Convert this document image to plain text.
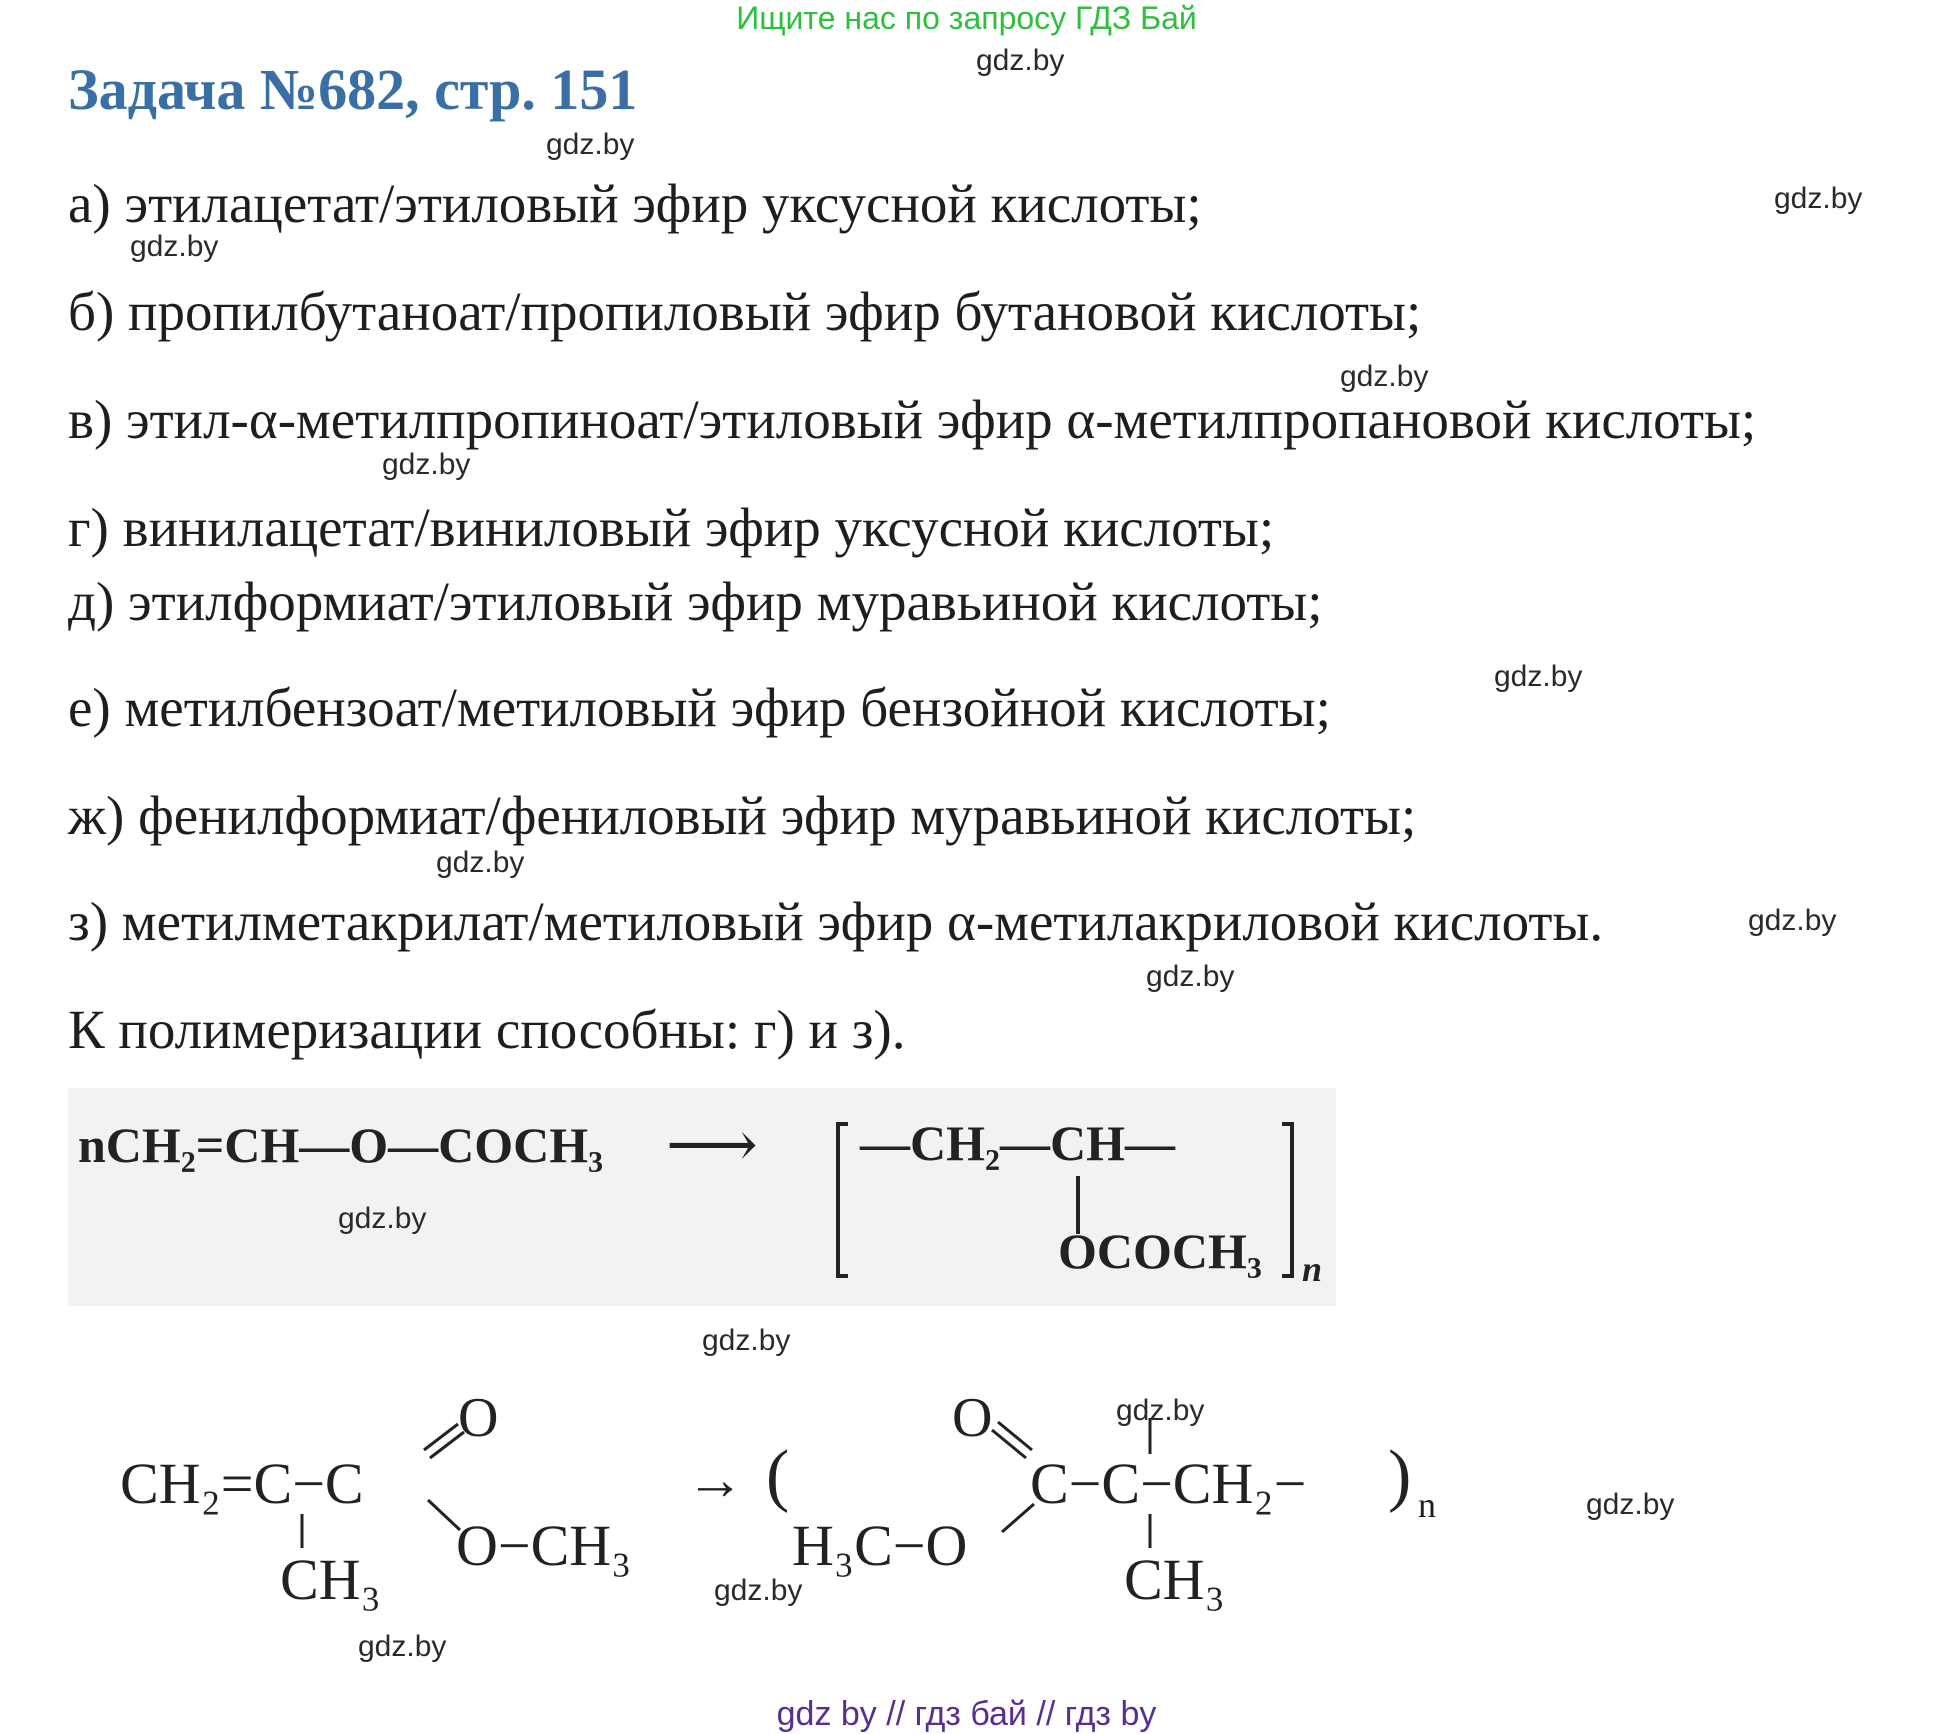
Ищите нас по запросу ГДЗ Бай
Задача №682, стр. 151
а) этилацетат/этиловый эфир уксусной кислоты;
б) пропилбутаноат/пропиловый эфир бутановой кислоты;
в) этил-α-метилпропиноат/этиловый эфир α-метилпропановой кислоты;
г) винилацетат/виниловый эфир уксусной кислоты;
д) этилформиат/этиловый эфир муравьиной кислоты;
е) метилбензоат/метиловый эфир бензойной кислоты;
ж) фенилформиат/фениловый эфир муравьиной кислоты;
з) метилметакрилат/метиловый эфир α-метилакриловой кислоты.
К полимеризации способны: г) и з).
nCH₂=CH—O—COCH₃ ⟶ —CH₂—CH—
OCOCH₃ n
CH₂=C−C
O
O−CH₃
CH₃
→ (
O
C−C−CH₂− ) n
H₃C−O
CH₃
gdz.by
gdz.by
gdz.by
gdz.by
gdz.by
gdz.by
gdz.by
gdz.by
gdz.by
gdz.by
gdz.by
gdz.by
gdz.by
gdz.by
gdz.by
gdz.by
gdz by // гдз бай // гдз by
